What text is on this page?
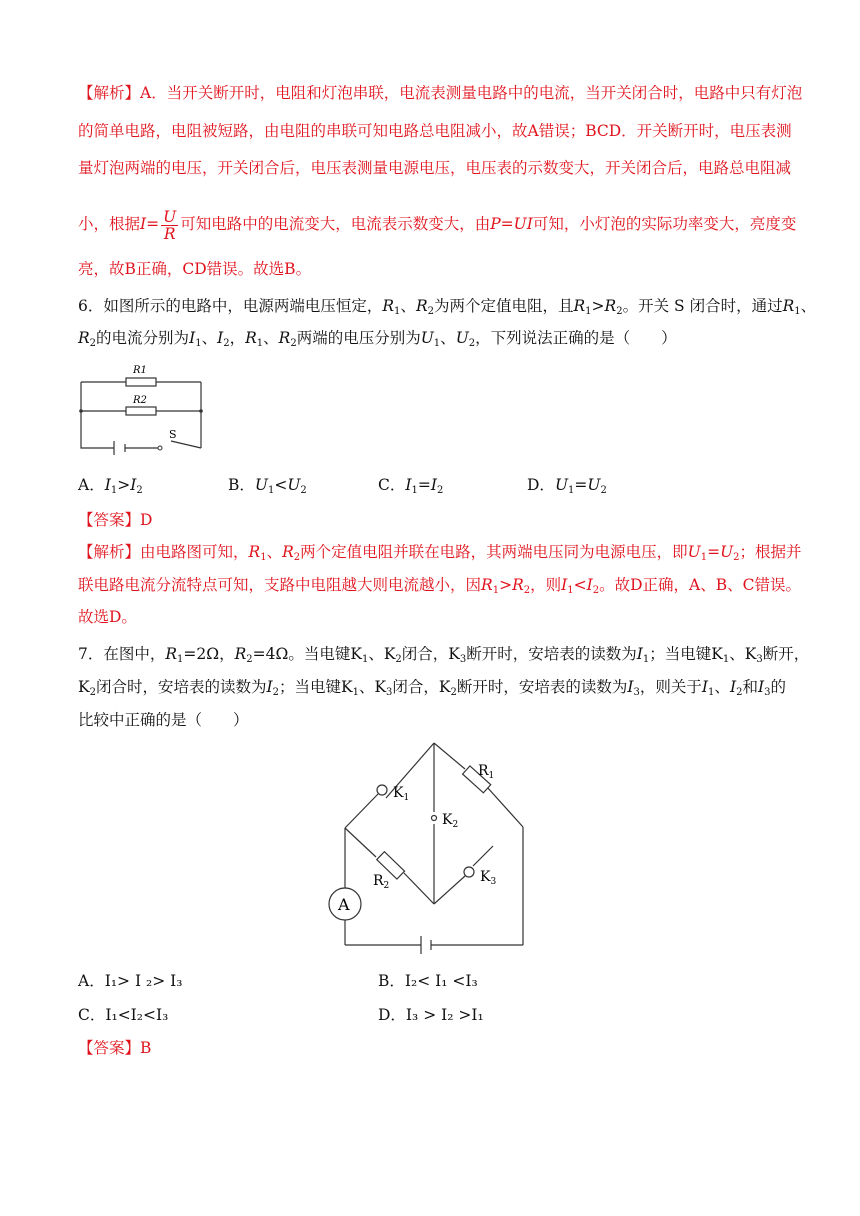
【解析】A．当开关断开时，电阻和灯泡串联，电流表测量电路中的电流，当开关闭合时，电路中只有灯泡
的简单电路，电阻被短路，由电阻的串联可知电路总电阻减小，故A错误；BCD．开关断开时，电压表测
量灯泡两端的电压，开关闭合后，电压表测量电源电压，电压表的示数变大，开关闭合后，电路总电阻减
小，根据$I= \frac{U}{R}$ 可知电路中的电流变大，电流表示数变大，由P=UI可知，小灯泡的实际功率变大，亮度变
亮，故B正确，CD错误。故选B。
6．如图所示的电路中，电源两端电压恒定，$R_1$、$R_2$为两个定值电阻，且$R_1>R_2$。开关 S 闭合时，通过$R_1$、
$R_2$的电流分别为$I_1$、$I_2$，$R_1$、$R_2$两端的电压分别为$U_1$、$U_2$，下列说法正确的是（　　）
R1
R2
S
A．$I_1>I_2$	B．$U_1<U_2$	C．$I_1=I_2$	D．$U_1=U_2$
【答案】D
【解析】由电路图可知，$R_1$、$R_2$两个定值电阻并联在电路，其两端电压同为电源电压，即$U_1=U_2$；根据并
联电路电流分流特点可知，支路中电阻越大则电流越小，因$R_1>R_2$，则$I_1<I_2$。故D正确，A、B、C错误。
故选D。
7．在图中，$R_1=2\Omega$，$R_2=4\Omega$。当电键$K_1$、$K_2$闭合，$K_3$断开时，安培表的读数为$I_1$；当电键$K_1$、$K_3$断开，
$K_2$闭合时，安培表的读数为$I_2$；当电键$K_1$、$K_3$闭合，$K_2$断开时，安培表的读数为$I_3$，则关于$I_1$、$I_2$和$I_3$的
比较中正确的是（　　）
A
$R_1$
$K_1$
$K_2$
$R_2$
$K_3$
A．I₁> I ₂> I₃	B．I₂< I₁ <I₃
C．I₁<I₂<I₃	D．I₃ > I₂ >I₁
【答案】B
